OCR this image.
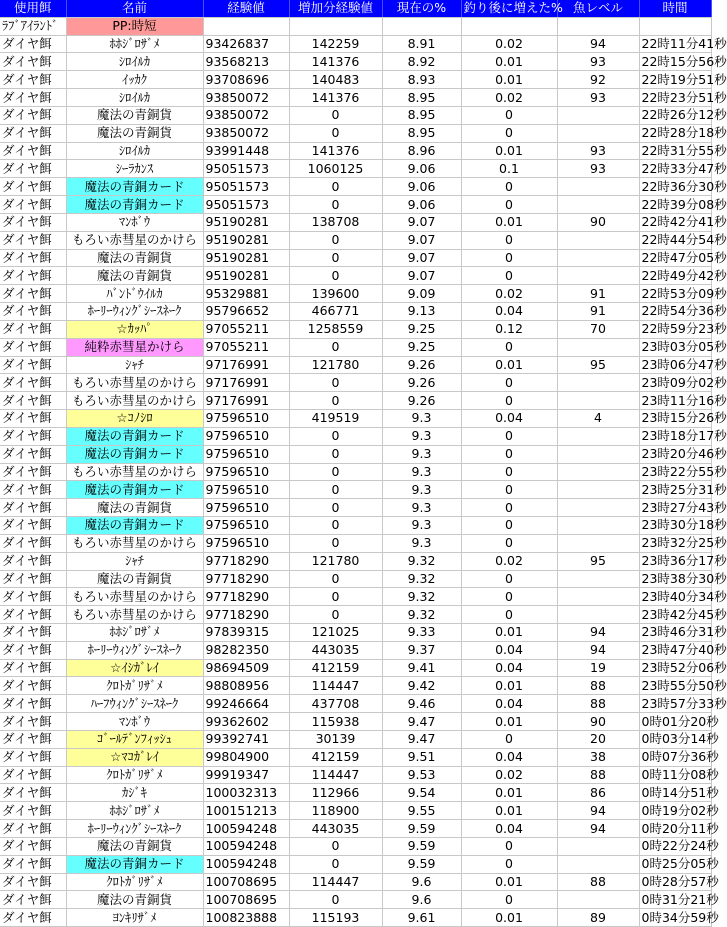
使用餌	名前	経験値	増加分経験値	現在の%	釣り後に増えた%	魚レベル	時間
ﾗﾌﾞｱｲﾗﾝﾄﾞ	PP:時短						
ダイヤ餌	ﾎﾎｼﾞﾛｻﾞﾒ	93426837	142259	8.91	0.02	94	22時11分41秒
ダイヤ餌	ｼﾛｲﾙｶ	93568213	141376	8.92	0.01	93	22時15分56秒
ダイヤ餌	ｲｯｶｸ	93708696	140483	8.93	0.01	92	22時19分51秒
ダイヤ餌	ｼﾛｲﾙｶ	93850072	141376	8.95	0.02	93	22時23分51秒
ダイヤ餌	魔法の青銅貨	93850072	0	8.95	0		22時26分12秒
ダイヤ餌	魔法の青銅貨	93850072	0	8.95	0		22時28分18秒
ダイヤ餌	ｼﾛｲﾙｶ	93991448	141376	8.96	0.01	93	22時31分55秒
ダイヤ餌	ｼｰﾗｶﾝｽ	95051573	1060125	9.06	0.1	93	22時33分47秒
ダイヤ餌	魔法の青銅カード	95051573	0	9.06	0		22時36分30秒
ダイヤ餌	魔法の青銅カード	95051573	0	9.06	0		22時39分08秒
ダイヤ餌	ﾏﾝﾎﾞｳ	95190281	138708	9.07	0.01	90	22時42分41秒
ダイヤ餌	もろい赤彗星のかけら	95190281	0	9.07	0		22時44分54秒
ダイヤ餌	魔法の青銅貨	95190281	0	9.07	0		22時47分05秒
ダイヤ餌	魔法の青銅貨	95190281	0	9.07	0		22時49分42秒
ダイヤ餌	ﾊﾞﾝﾄﾞｳｲﾙｶ	95329881	139600	9.09	0.02	91	22時53分09秒
ダイヤ餌	ﾎｰﾘｰｳｨﾝｸﾞｼｰｽﾈｰｸ	95796652	466771	9.13	0.04	91	22時54分36秒
ダイヤ餌	☆ｶｯﾊﾟ	97055211	1258559	9.25	0.12	70	22時59分23秒
ダイヤ餌	純粋赤彗星かけら	97055211	0	9.25	0		23時03分05秒
ダイヤ餌	ｼｬﾁ	97176991	121780	9.26	0.01	95	23時06分47秒
ダイヤ餌	もろい赤彗星のかけら	97176991	0	9.26	0		23時09分02秒
ダイヤ餌	もろい赤彗星のかけら	97176991	0	9.26	0		23時11分16秒
ダイヤ餌	☆ｺﾉｼﾛ	97596510	419519	9.3	0.04	4	23時15分26秒
ダイヤ餌	魔法の青銅カード	97596510	0	9.3	0		23時18分17秒
ダイヤ餌	魔法の青銅カード	97596510	0	9.3	0		23時20分46秒
ダイヤ餌	もろい赤彗星のかけら	97596510	0	9.3	0		23時22分55秒
ダイヤ餌	魔法の青銅カード	97596510	0	9.3	0		23時25分31秒
ダイヤ餌	魔法の青銅貨	97596510	0	9.3	0		23時27分43秒
ダイヤ餌	魔法の青銅カード	97596510	0	9.3	0		23時30分18秒
ダイヤ餌	もろい赤彗星のかけら	97596510	0	9.3	0		23時32分25秒
ダイヤ餌	ｼｬﾁ	97718290	121780	9.32	0.02	95	23時36分17秒
ダイヤ餌	魔法の青銅貨	97718290	0	9.32	0		23時38分30秒
ダイヤ餌	もろい赤彗星のかけら	97718290	0	9.32	0		23時40分34秒
ダイヤ餌	もろい赤彗星のかけら	97718290	0	9.32	0		23時42分45秒
ダイヤ餌	ﾎﾎｼﾞﾛｻﾞﾒ	97839315	121025	9.33	0.01	94	23時46分31秒
ダイヤ餌	ﾎｰﾘｰｳｨﾝｸﾞｼｰｽﾈｰｸ	98282350	443035	9.37	0.04	94	23時47分40秒
ダイヤ餌	☆ｲｼｶﾞﾚｲ	98694509	412159	9.41	0.04	19	23時52分06秒
ダイヤ餌	ｸﾛﾄｶﾞﾘｻﾞﾒ	98808956	114447	9.42	0.01	88	23時55分50秒
ダイヤ餌	ﾊｰﾌｳｨﾝｸﾞｼｰｽﾈｰｸ	99246664	437708	9.46	0.04	88	23時57分33秒
ダイヤ餌	ﾏﾝﾎﾞｳ	99362602	115938	9.47	0.01	90	0時01分20秒
ダイヤ餌	ｺﾞｰﾙﾃﾞﾝﾌｨｯｼｭ	99392741	30139	9.47	0	20	0時03分14秒
ダイヤ餌	☆ﾏｺｶﾞﾚｲ	99804900	412159	9.51	0.04	38	0時07分36秒
ダイヤ餌	ｸﾛﾄｶﾞﾘｻﾞﾒ	99919347	114447	9.53	0.02	88	0時11分08秒
ダイヤ餌	ｶｼﾞｷ	100032313	112966	9.54	0.01	86	0時14分51秒
ダイヤ餌	ﾎﾎｼﾞﾛｻﾞﾒ	100151213	118900	9.55	0.01	94	0時19分02秒
ダイヤ餌	ﾎｰﾘｰｳｨﾝｸﾞｼｰｽﾈｰｸ	100594248	443035	9.59	0.04	94	0時20分11秒
ダイヤ餌	魔法の青銅貨	100594248	0	9.59	0		0時22分24秒
ダイヤ餌	魔法の青銅カード	100594248	0	9.59	0		0時25分05秒
ダイヤ餌	ｸﾛﾄｶﾞﾘｻﾞﾒ	100708695	114447	9.6	0.01	88	0時28分57秒
ダイヤ餌	魔法の青銅貨	100708695	0	9.6	0		0時31分21秒
ダイヤ餌	ﾖﾝｷﾘｻﾞﾒ	100823888	115193	9.61	0.01	89	0時34分59秒
